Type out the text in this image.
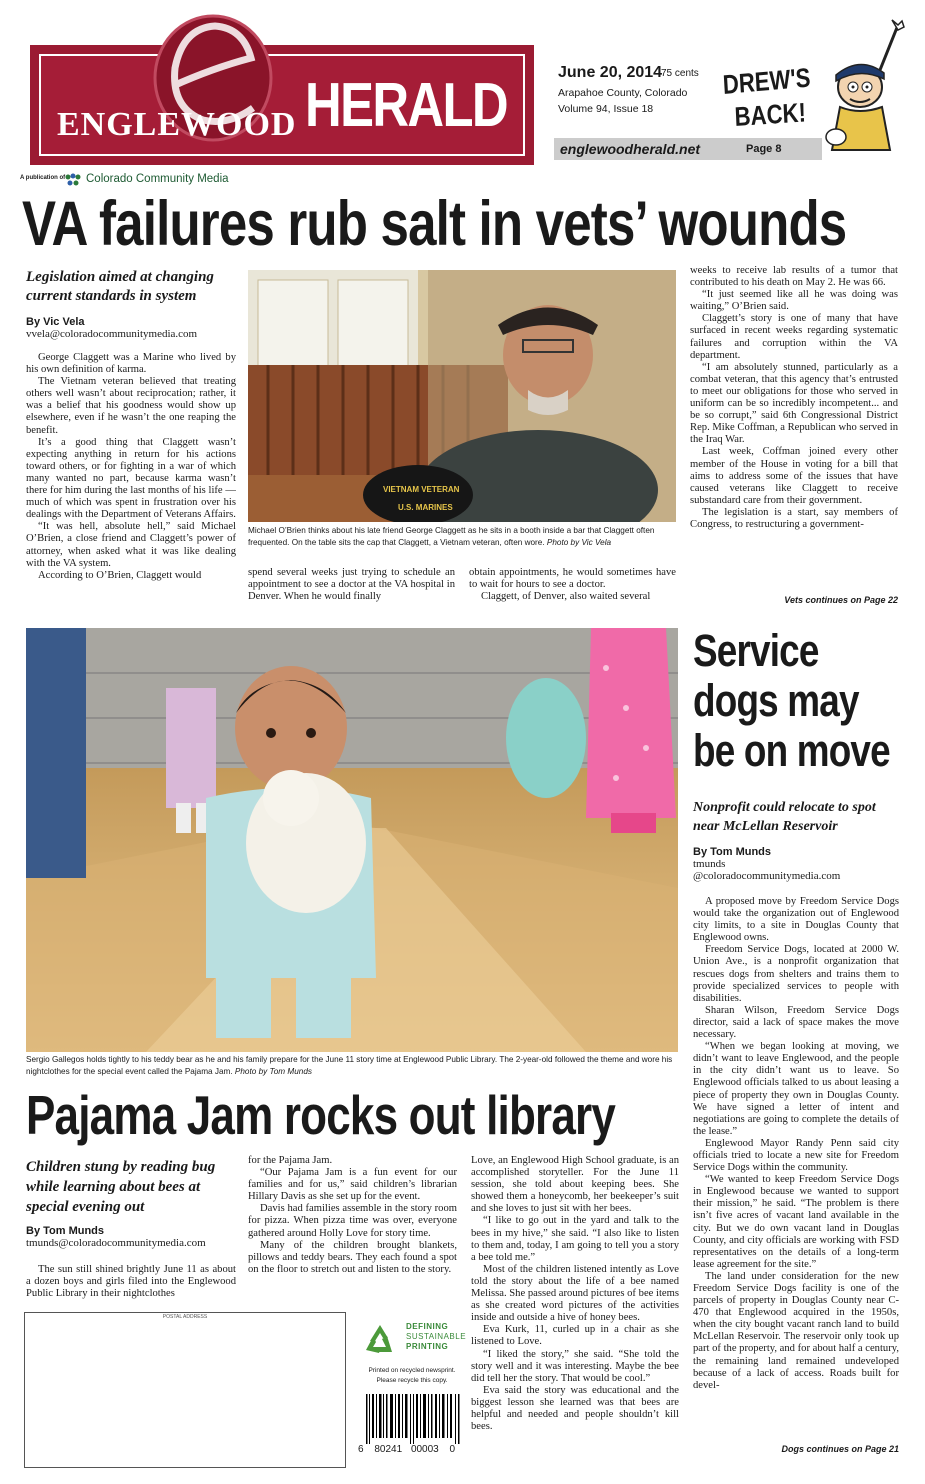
ENGLEWOOD HERALD
A publication of Colorado Community Media
June 20, 2014
75 cents
Arapahoe County, Colorado
Volume 94, Issue 18
englewoodherald.net	Page 8
DREW'S
BACK!
VA failures rub salt in vets’ wounds
Legislation aimed at changing current standards in system
By Vic Vela
vvela@coloradocommunitymedia.com

George Claggett was a Marine who lived by his own definition of karma.

The Vietnam veteran believed that treating others well wasn’t about reciprocation; rather, it was a belief that his goodness would show up elsewhere, even if he wasn’t the one reaping the benefit.

It’s a good thing that Claggett wasn’t expecting anything in return for his actions toward others, or for fighting in a war of which many wanted no part, because karma wasn’t there for him during the last months of his life — much of which was spent in frustration over his dealings with the Department of Veterans Affairs.

“It was hell, absolute hell,” said Michael O’Brien, a close friend and Claggett’s power of attorney, when asked what it was like dealing with the VA system.

According to O’Brien, Claggett would

VIETNAM VETERAN
U.S. MARINES
Michael O’Brien thinks about his late friend George Claggett as he sits in a booth inside a bar that Claggett often frequented. On the table sits the cap that Claggett, a Vietnam veteran, often wore. Photo by Vic Vela

spend several weeks just trying to schedule an appointment to see a doctor at the VA hospital in Denver. When he would finally

obtain appointments, he would sometimes have to wait for hours to see a doctor.

Claggett, of Denver, also waited several

weeks to receive lab results of a tumor that contributed to his death on May 2. He was 66.

“It just seemed like all he was doing was waiting,” O’Brien said.

Claggett’s story is one of many that have surfaced in recent weeks regarding systematic failures and corruption within the VA department.

“I am absolutely stunned, particularly as a combat veteran, that this agency that’s entrusted to meet our obligations for those who served in uniform can be so incredibly incompetent... and be so corrupt,” said 6th Congressional District Rep. Mike Coffman, a Republican who served in the Iraq War.

Last week, Coffman joined every other member of the House in voting for a bill that aims to address some of the issues that have caused veterans like Claggett to receive substandard care from their government.

The legislation is a start, say members of Congress, to restructuring a government-

Vets continues on Page 22
Sergio Gallegos holds tightly to his teddy bear as he and his family prepare for the June 11 story time at Englewood Public Library. The 2-year-old followed the theme and wore his nightclothes for the special event called the Pajama Jam. Photo by Tom Munds
Service
dogs may
be on move
Nonprofit could relocate to spot near McLellan Reservoir
By Tom Munds
tmunds
@coloradocommunitymedia.com

A proposed move by Freedom Service Dogs would take the organization out of Englewood city limits, to a site in Douglas County that Englewood owns.

Freedom Service Dogs, located at 2000 W. Union Ave., is a nonprofit organization that rescues dogs from shelters and trains them to provide specialized services to people with disabilities.

Sharan Wilson, Freedom Service Dogs director, said a lack of space makes the move necessary.

“When we began looking at moving, we didn’t want to leave Englewood, and the people in the city didn’t want us to leave. So Englewood officials talked to us about leasing a piece of property they own in Douglas County. We have signed a letter of intent and negotiations are going to complete the details of the lease.”

Englewood Mayor Randy Penn said city officials tried to locate a new site for Freedom Service Dogs within the community.

“We wanted to keep Freedom Service Dogs in Englewood because we wanted to support their mission,” he said. “The problem is there isn’t five acres of vacant land available in the city. But we do own vacant land in Douglas County, and city officials are working with FSD representatives on the details of a long-term lease agreement for the site.”

The land under consideration for the new Freedom Service Dogs facility is one of the parcels of property in Douglas County near C-470 that Englewood acquired in the 1950s, when the city bought vacant ranch land to build McLellan Reservoir. The reservoir only took up part of the property, and for about half a century, the remaining land remained undeveloped because of a lack of access. Roads built for devel-

Dogs continues on Page 21
Pajama Jam rocks out library
Children stung by reading bug while learning about bees at special evening out
By Tom Munds
tmunds@coloradocommunitymedia.com

The sun still shined brightly June 11 as about a dozen boys and girls filed into the Englewood Public Library in their nightclothes

for the Pajama Jam.

“Our Pajama Jam is a fun event for our families and for us,” said children’s librarian Hillary Davis as she set up for the event.

Davis had families assemble in the story room for pizza. When pizza time was over, everyone gathered around Holly Love for story time.

Many of the children brought blankets, pillows and teddy bears. They each found a spot on the floor to stretch out and listen to the story.

Love, an Englewood High School graduate, is an accomplished storyteller. For the June 11 session, she told about keeping bees. She showed them a honeycomb, her beekeeper’s suit and she loves to just sit with her bees.

“I like to go out in the yard and talk to the bees in my hive,” she said. “I also like to listen to them and, today, I am going to tell you a story a bee told me.”

Most of the children listened intently as Love told the story about the life of a bee named Melissa. She passed around pictures of bee items as she created word pictures of the activities inside and outside a hive of honey bees.

Eva Kurk, 11, curled up in a chair as she listened to Love.

“I liked the story,” she said. “She told the story well and it was interesting. Maybe the bee did tell her the story. That would be cool.”

Eva said the story was educational and the biggest lesson she learned was that bees are helpful and needed and people shouldn’t kill bees.

POSTAL ADDRESS
DEFINING
SUSTAINABLE
PRINTING
Printed on recycled newsprint.
Please recycle this copy.
6 80241 00003 0
